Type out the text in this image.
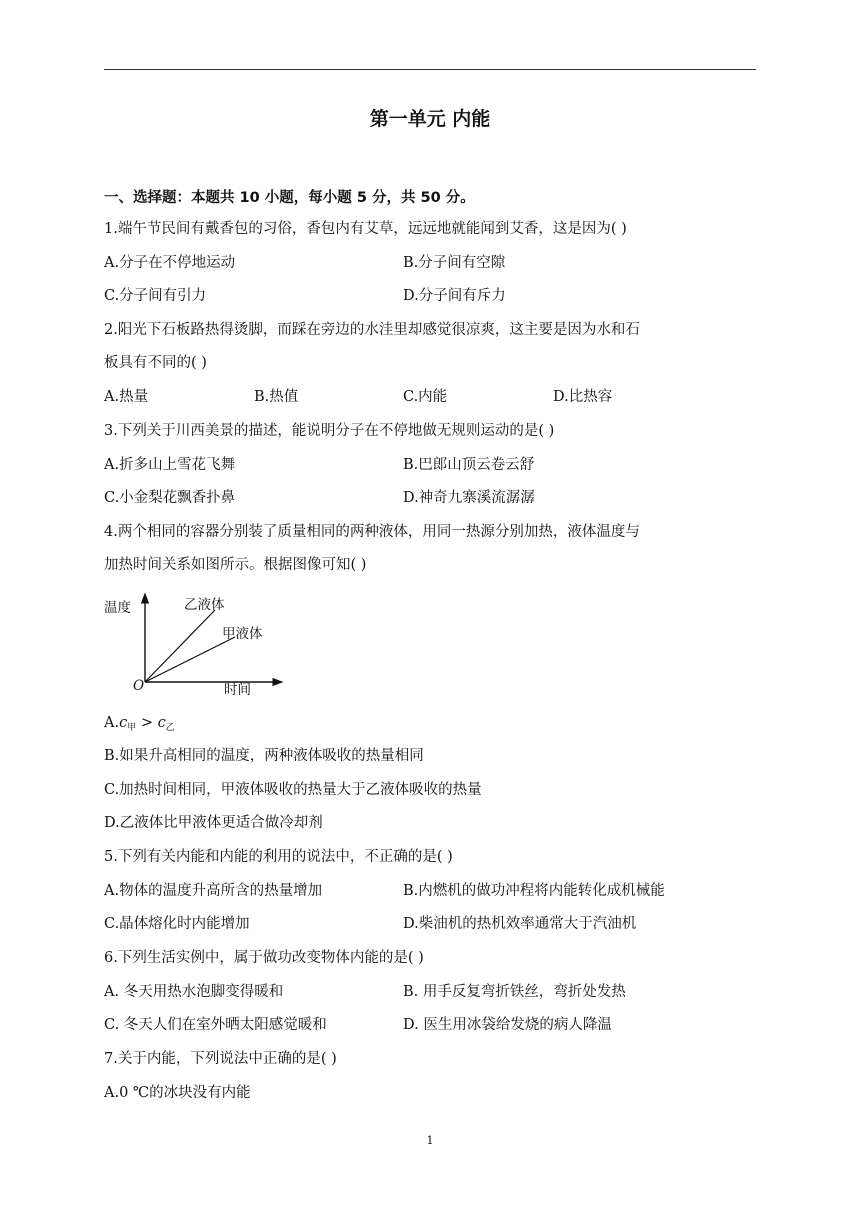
第一单元 内能
一、选择题：本题共 10 小题，每小题 5 分，共 50 分。
1.端午节民间有戴香包的习俗，香包内有艾草，远远地就能闻到艾香，这是因为( )
A.分子在不停地运动	B.分子间有空隙
C.分子间有引力	D.分子间有斥力
2.阳光下石板路热得烫脚，而踩在旁边的水洼里却感觉很凉爽，这主要是因为水和石
板具有不同的( )
A.热量	B.热值	C.内能	D.比热容
3.下列关于川西美景的描述，能说明分子在不停地做无规则运动的是( )
A.折多山上雪花飞舞	B.巴郎山顶云卷云舒
C.小金梨花飘香扑鼻	D.神奇九寨溪流潺潺
4.两个相同的容器分别装了质量相同的两种液体，用同一热源分别加热，液体温度与
加热时间关系如图所示。根据图像可知( )
温度
时间
O
乙液体
甲液体
$A.c_甲 > c_乙$
B.如果升高相同的温度，两种液体吸收的热量相同
C.加热时间相同，甲液体吸收的热量大于乙液体吸收的热量
D.乙液体比甲液体更适合做冷却剂
5.下列有关内能和内能的利用的说法中，不正确的是( )
A.物体的温度升高所含的热量增加	B.内燃机的做功冲程将内能转化成机械能
C.晶体熔化时内能增加	D.柴油机的热机效率通常大于汽油机
6.下列生活实例中，属于做功改变物体内能的是( )
A. 冬天用热水泡脚变得暖和	B. 用手反复弯折铁丝，弯折处发热
C. 冬天人们在室外晒太阳感觉暖和	D. 医生用冰袋给发烧的病人降温
7.关于内能，下列说法中正确的是( )
A.0 ℃的冰块没有内能
1
